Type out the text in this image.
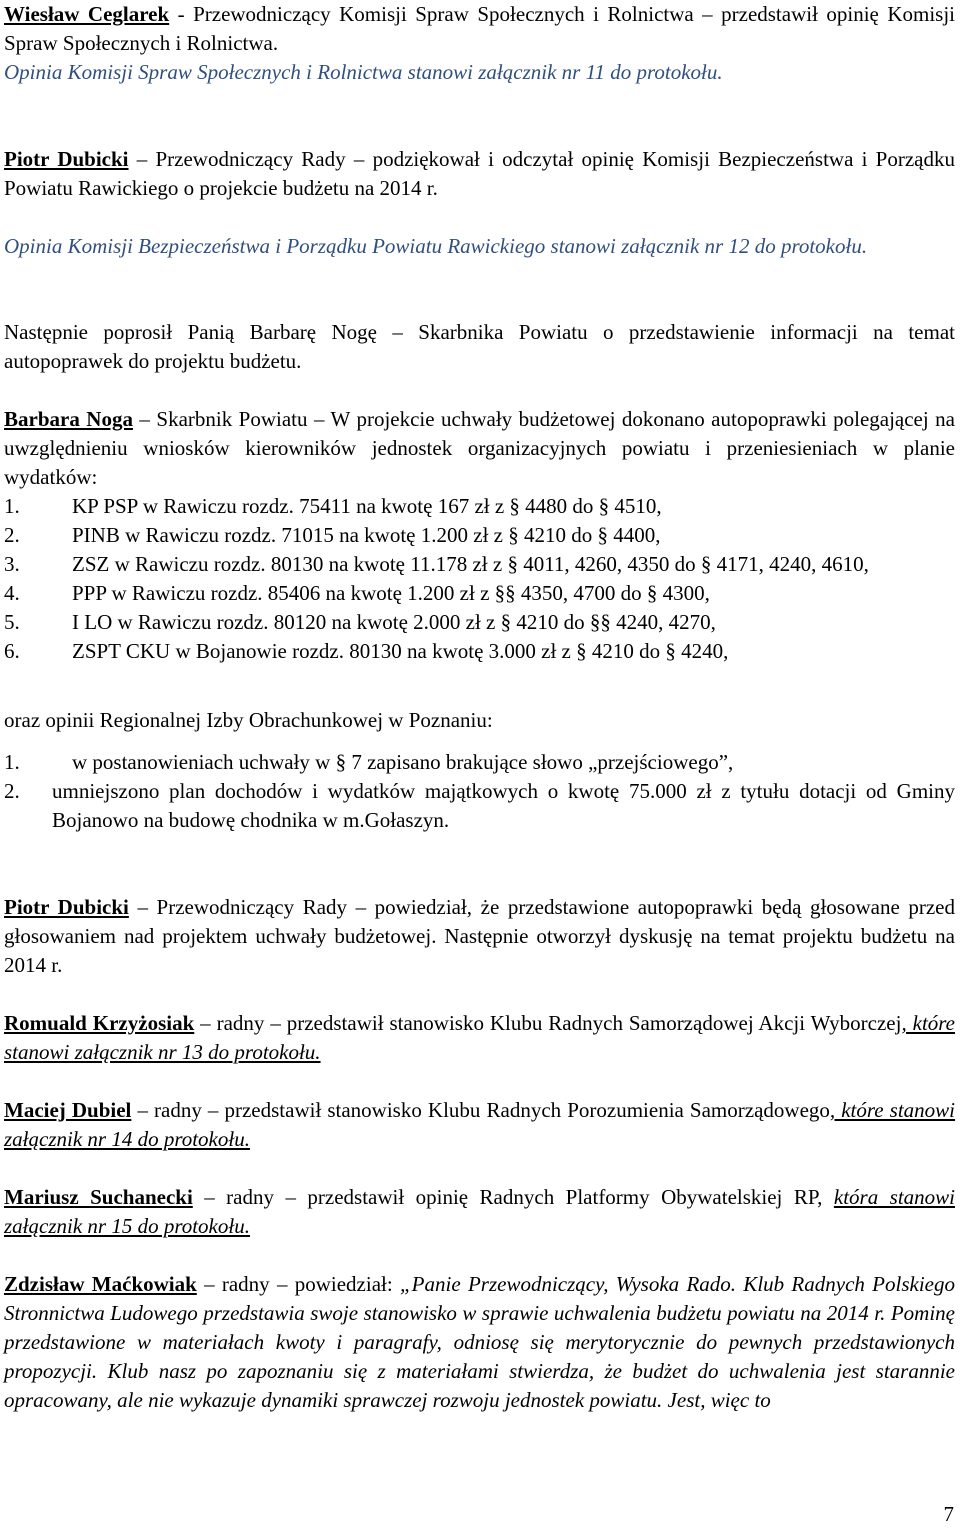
Wiesław Ceglarek - Przewodniczący Komisji Spraw Społecznych i Rolnictwa – przedstawił opinię Komisji Spraw Społecznych i Rolnictwa.

Opinia Komisji Spraw Społecznych i Rolnictwa stanowi załącznik nr 11 do protokołu.

Piotr Dubicki – Przewodniczący Rady – podziękował i odczytał opinię Komisji Bezpieczeństwa i Porządku Powiatu Rawickiego o projekcie budżetu na 2014 r.

Opinia Komisji Bezpieczeństwa i Porządku Powiatu Rawickiego stanowi załącznik nr 12 do protokołu.

Następnie poprosił Panią Barbarę Nogę – Skarbnika Powiatu o przedstawienie informacji na temat autopoprawek do projektu budżetu.

Barbara Noga – Skarbnik Powiatu – W projekcie uchwały budżetowej dokonano autopoprawki polegającej na uwzględnieniu wniosków kierowników jednostek organizacyjnych powiatu i przeniesieniach w planie wydatków:

1. KP PSP w Rawiczu rozdz. 75411 na kwotę 167 zł z § 4480 do § 4510,
2. PINB w Rawiczu rozdz. 71015 na kwotę 1.200 zł z § 4210 do § 4400,
3. ZSZ w Rawiczu rozdz. 80130 na kwotę 11.178 zł z § 4011, 4260, 4350 do § 4171, 4240, 4610,
4. PPP w Rawiczu rozdz. 85406 na kwotę 1.200 zł z §§ 4350, 4700 do § 4300,
5. I LO w Rawiczu rozdz. 80120 na kwotę 2.000 zł z § 4210 do §§ 4240, 4270,
6. ZSPT CKU w Bojanowie rozdz. 80130 na kwotę 3.000 zł z § 4210 do § 4240,

oraz opinii Regionalnej Izby Obrachunkowej w Poznaniu:

1. w postanowieniach uchwały w § 7 zapisano brakujące słowo „przejściowego”,
2. umniejszono plan dochodów i wydatków majątkowych o kwotę 75.000 zł z tytułu dotacji od Gminy Bojanowo na budowę chodnika w m.Gołaszyn.

Piotr Dubicki – Przewodniczący Rady – powiedział, że przedstawione autopoprawki będą głosowane przed głosowaniem nad projektem uchwały budżetowej. Następnie otworzył dyskusję na temat projektu budżetu na 2014 r.

Romuald Krzyżosiak – radny – przedstawił stanowisko Klubu Radnych Samorządowej Akcji Wyborczej, które stanowi załącznik nr 13 do protokołu.

Maciej Dubiel – radny – przedstawił stanowisko Klubu Radnych Porozumienia Samorządowego, które stanowi załącznik nr 14 do protokołu.

Mariusz Suchanecki – radny – przedstawił opinię Radnych Platformy Obywatelskiej RP, która stanowi załącznik nr 15 do protokołu.

Zdzisław Maćkowiak – radny – powiedział: „Panie Przewodniczący, Wysoka Rado. Klub Radnych Polskiego Stronnictwa Ludowego przedstawia swoje stanowisko w sprawie uchwalenia budżetu powiatu na 2014 r. Pominę przedstawione w materiałach kwoty i paragrafy, odniosę się merytorycznie do pewnych przedstawionych propozycji. Klub nasz po zapoznaniu się z materiałami stwierdza, że budżet do uchwalenia jest starannie opracowany, ale nie wykazuje dynamiki sprawczej rozwoju jednostek powiatu. Jest, więc to

7
